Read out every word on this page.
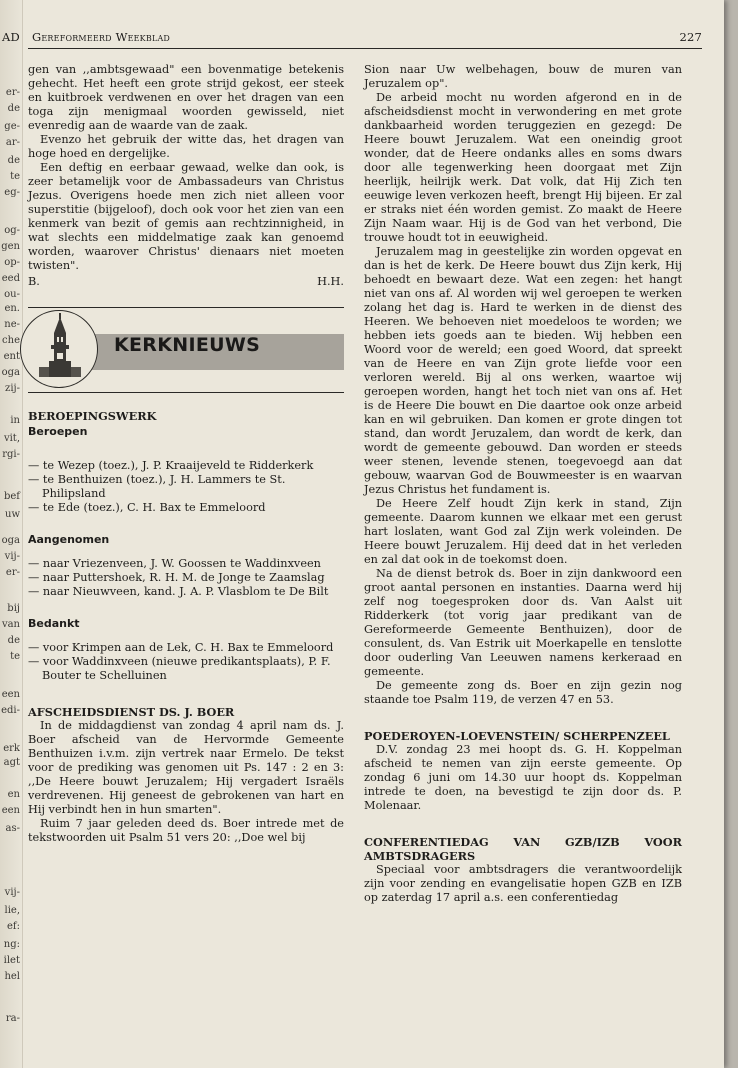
er-
de
ge-
ar-
de
te
eg-
og-
gen
op-
eed
ou-
en.
ne-
che
ent
oga
zij-
in
vit,
rgi-
bef
uw
oga
vij-
er-
bij
van
de
te
een
edi-
erk
agt
en
een
as-
vij-
lie,
ef:
ng:
ilet
hel
ra-
AD Gereformeerd Weekblad	227

gen van ,,ambtsgewaad" een bovenmatige betekenis gehecht. Het heeft een grote strijd gekost, eer steek en kuitbroek verdwenen en over het dragen van een toga zijn menigmaal woorden gewisseld, niet evenredig aan de waarde van de zaak.

Evenzo het gebruik der witte das, het dragen van hoge hoed en dergelijke.

Een deftig en eerbaar gewaad, welke dan ook, is zeer betamelijk voor de Ambassadeurs van Christus Jezus. Overigens hoede men zich niet alleen voor superstitie (bijgeloof), doch ook voor het zien van een kenmerk van bezit of gemis aan rechtzinnigheid, in wat slechts een middelmatige zaak kan genoemd worden, waarover Christus' dienaars niet moeten twisten".

B.	H.H.
KERKNIEUWS

BEROEPINGSWERK

Beroepen

— te Wezep (toez.), J. P. Kraaijeveld te Ridderkerk

— te Benthuizen (toez.), J. H. Lammers te St. Philipsland

— te Ede (toez.), C. H. Bax te Emmeloord

Aangenomen

— naar Vriezenveen, J. W. Goossen te Waddinxveen

— naar Puttershoek, R. H. M. de Jonge te Zaamslag

— naar Nieuwveen, kand. J. A. P. Vlasblom te De Bilt

Bedankt

— voor Krimpen aan de Lek, C. H. Bax te Emmeloord

— voor Waddinxveen (nieuwe predikantsplaats), P. F. Bouter te Schelluinen

AFSCHEIDSDIENST DS. J. BOER

In de middagdienst van zondag 4 april nam ds. J. Boer afscheid van de Hervormde Gemeente Benthuizen i.v.m. zijn vertrek naar Ermelo. De tekst voor de prediking was genomen uit Ps. 147 : 2 en 3: ,,De Heere bouwt Jeruzalem; Hij vergadert Israëls verdrevenen. Hij geneest de gebrokenen van hart en Hij verbindt hen in hun smarten".

Ruim 7 jaar geleden deed ds. Boer intrede met de tekstwoorden uit Psalm 51 vers 20: ,,Doe wel bij

Sion naar Uw welbehagen, bouw de muren van Jeruzalem op".

De arbeid mocht nu worden afgerond en in de afscheidsdienst mocht in verwondering en met grote dankbaarheid worden teruggezien en gezegd: De Heere bouwt Jeruzalem. Wat een oneindig groot wonder, dat de Heere ondanks alles en soms dwars door alle tegenwerking heen doorgaat met Zijn heerlijk, heilrijk werk. Dat volk, dat Hij Zich ten eeuwige leven verkozen heeft, brengt Hij bijeen. Er zal er straks niet één worden gemist. Zo maakt de Heere Zijn Naam waar. Hij is de God van het verbond, Die trouwe houdt tot in eeuwigheid.

Jeruzalem mag in geestelijke zin worden opgevat en dan is het de kerk. De Heere bouwt dus Zijn kerk, Hij behoedt en bewaart deze. Wat een zegen: het hangt niet van ons af. Al worden wij wel geroepen te werken zolang het dag is. Hard te werken in de dienst des Heeren. We behoeven niet moedeloos te worden; we hebben iets goeds aan te bieden. Wij hebben een Woord voor de wereld; een goed Woord, dat spreekt van de Heere en van Zijn grote liefde voor een verloren wereld. Bij al ons werken, waartoe wij geroepen worden, hangt het toch niet van ons af. Het is de Heere Die bouwt en Die daartoe ook onze arbeid kan en wil gebruiken. Dan komen er grote dingen tot stand, dan wordt Jeruzalem, dan wordt de kerk, dan wordt de gemeente gebouwd. Dan worden er steeds weer stenen, levende stenen, toegevoegd aan dat gebouw, waarvan God de Bouwmeester is en waarvan Jezus Christus het fundament is.

De Heere Zelf houdt Zijn kerk in stand, Zijn gemeente. Daarom kunnen we elkaar met een gerust hart loslaten, want God zal Zijn werk voleinden. De Heere bouwt Jeruzalem. Hij deed dat in het verleden en zal dat ook in de toekomst doen.

Na de dienst betrok ds. Boer in zijn dankwoord een groot aantal personen en instanties. Daarna werd hij zelf nog toegesproken door ds. Van Aalst uit Ridderkerk (tot vorig jaar predikant van de Gereformeerde Gemeente Benthuizen), door de consulent, ds. Van Estrik uit Moerkapelle en tenslotte door ouderling Van Leeuwen namens kerkeraad en gemeente.

De gemeente zong ds. Boer en zijn gezin nog staande toe Psalm 119, de verzen 47 en 53.

POEDEROYEN-LOEVENSTEIN/ SCHERPENZEEL

D.V. zondag 23 mei hoopt ds. G. H. Koppelman afscheid te nemen van zijn eerste gemeente. Op zondag 6 juni om 14.30 uur hoopt ds. Koppelman intrede te doen, na bevestigd te zijn door ds. P. Molenaar.

CONFERENTIEDAG VAN GZB/IZB VOOR AMBTSDRAGERS

Speciaal voor ambtsdragers die verantwoordelijk zijn voor zending en evangelisatie hopen GZB en IZB op zaterdag 17 april a.s. een conferentiedag
